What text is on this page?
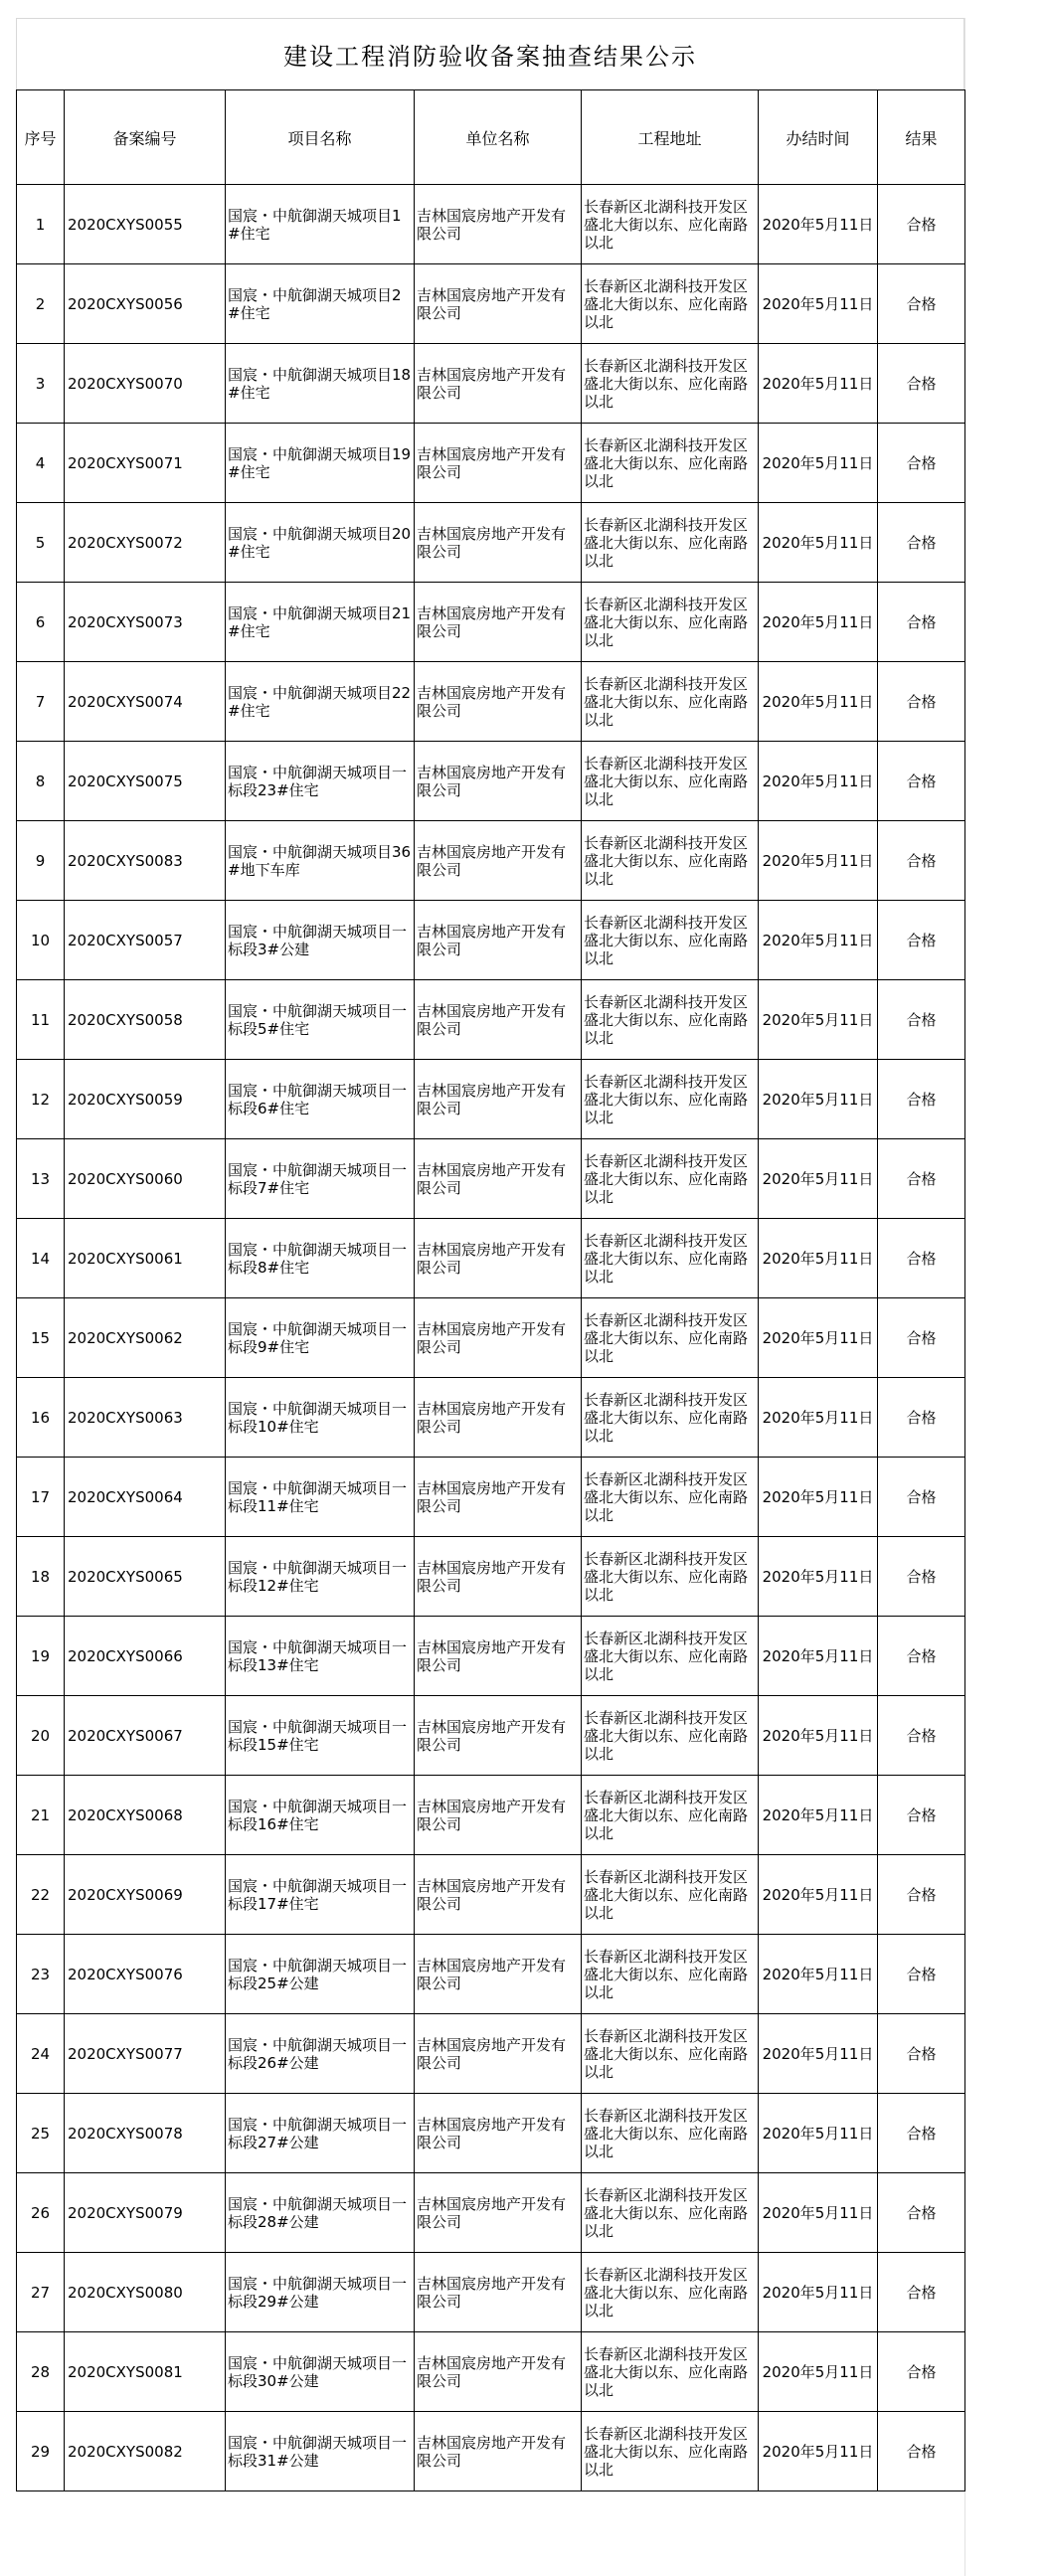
建设工程消防验收备案抽查结果公示
序号	备案编号	项目名称	单位名称	工程地址	办结时间	结果
1	2020CXYS0055	国宸・中航御湖天城项目1#住宅	吉林国宸房地产开发有限公司	长春新区北湖科技开发区盛北大街以东、应化南路以北	2020年5月11日	合格
2	2020CXYS0056	国宸・中航御湖天城项目2#住宅	吉林国宸房地产开发有限公司	长春新区北湖科技开发区盛北大街以东、应化南路以北	2020年5月11日	合格
3	2020CXYS0070	国宸・中航御湖天城项目18#住宅	吉林国宸房地产开发有限公司	长春新区北湖科技开发区盛北大街以东、应化南路以北	2020年5月11日	合格
4	2020CXYS0071	国宸・中航御湖天城项目19#住宅	吉林国宸房地产开发有限公司	长春新区北湖科技开发区盛北大街以东、应化南路以北	2020年5月11日	合格
5	2020CXYS0072	国宸・中航御湖天城项目20#住宅	吉林国宸房地产开发有限公司	长春新区北湖科技开发区盛北大街以东、应化南路以北	2020年5月11日	合格
6	2020CXYS0073	国宸・中航御湖天城项目21#住宅	吉林国宸房地产开发有限公司	长春新区北湖科技开发区盛北大街以东、应化南路以北	2020年5月11日	合格
7	2020CXYS0074	国宸・中航御湖天城项目22#住宅	吉林国宸房地产开发有限公司	长春新区北湖科技开发区盛北大街以东、应化南路以北	2020年5月11日	合格
8	2020CXYS0075	国宸・中航御湖天城项目一标段23#住宅	吉林国宸房地产开发有限公司	长春新区北湖科技开发区盛北大街以东、应化南路以北	2020年5月11日	合格
9	2020CXYS0083	国宸・中航御湖天城项目36#地下车库	吉林国宸房地产开发有限公司	长春新区北湖科技开发区盛北大街以东、应化南路以北	2020年5月11日	合格
10	2020CXYS0057	国宸・中航御湖天城项目一标段3#公建	吉林国宸房地产开发有限公司	长春新区北湖科技开发区盛北大街以东、应化南路以北	2020年5月11日	合格
11	2020CXYS0058	国宸・中航御湖天城项目一标段5#住宅	吉林国宸房地产开发有限公司	长春新区北湖科技开发区盛北大街以东、应化南路以北	2020年5月11日	合格
12	2020CXYS0059	国宸・中航御湖天城项目一标段6#住宅	吉林国宸房地产开发有限公司	长春新区北湖科技开发区盛北大街以东、应化南路以北	2020年5月11日	合格
13	2020CXYS0060	国宸・中航御湖天城项目一标段7#住宅	吉林国宸房地产开发有限公司	长春新区北湖科技开发区盛北大街以东、应化南路以北	2020年5月11日	合格
14	2020CXYS0061	国宸・中航御湖天城项目一标段8#住宅	吉林国宸房地产开发有限公司	长春新区北湖科技开发区盛北大街以东、应化南路以北	2020年5月11日	合格
15	2020CXYS0062	国宸・中航御湖天城项目一标段9#住宅	吉林国宸房地产开发有限公司	长春新区北湖科技开发区盛北大街以东、应化南路以北	2020年5月11日	合格
16	2020CXYS0063	国宸・中航御湖天城项目一标段10#住宅	吉林国宸房地产开发有限公司	长春新区北湖科技开发区盛北大街以东、应化南路以北	2020年5月11日	合格
17	2020CXYS0064	国宸・中航御湖天城项目一标段11#住宅	吉林国宸房地产开发有限公司	长春新区北湖科技开发区盛北大街以东、应化南路以北	2020年5月11日	合格
18	2020CXYS0065	国宸・中航御湖天城项目一标段12#住宅	吉林国宸房地产开发有限公司	长春新区北湖科技开发区盛北大街以东、应化南路以北	2020年5月11日	合格
19	2020CXYS0066	国宸・中航御湖天城项目一标段13#住宅	吉林国宸房地产开发有限公司	长春新区北湖科技开发区盛北大街以东、应化南路以北	2020年5月11日	合格
20	2020CXYS0067	国宸・中航御湖天城项目一标段15#住宅	吉林国宸房地产开发有限公司	长春新区北湖科技开发区盛北大街以东、应化南路以北	2020年5月11日	合格
21	2020CXYS0068	国宸・中航御湖天城项目一标段16#住宅	吉林国宸房地产开发有限公司	长春新区北湖科技开发区盛北大街以东、应化南路以北	2020年5月11日	合格
22	2020CXYS0069	国宸・中航御湖天城项目一标段17#住宅	吉林国宸房地产开发有限公司	长春新区北湖科技开发区盛北大街以东、应化南路以北	2020年5月11日	合格
23	2020CXYS0076	国宸・中航御湖天城项目一标段25#公建	吉林国宸房地产开发有限公司	长春新区北湖科技开发区盛北大街以东、应化南路以北	2020年5月11日	合格
24	2020CXYS0077	国宸・中航御湖天城项目一标段26#公建	吉林国宸房地产开发有限公司	长春新区北湖科技开发区盛北大街以东、应化南路以北	2020年5月11日	合格
25	2020CXYS0078	国宸・中航御湖天城项目一标段27#公建	吉林国宸房地产开发有限公司	长春新区北湖科技开发区盛北大街以东、应化南路以北	2020年5月11日	合格
26	2020CXYS0079	国宸・中航御湖天城项目一标段28#公建	吉林国宸房地产开发有限公司	长春新区北湖科技开发区盛北大街以东、应化南路以北	2020年5月11日	合格
27	2020CXYS0080	国宸・中航御湖天城项目一标段29#公建	吉林国宸房地产开发有限公司	长春新区北湖科技开发区盛北大街以东、应化南路以北	2020年5月11日	合格
28	2020CXYS0081	国宸・中航御湖天城项目一标段30#公建	吉林国宸房地产开发有限公司	长春新区北湖科技开发区盛北大街以东、应化南路以北	2020年5月11日	合格
29	2020CXYS0082	国宸・中航御湖天城项目一标段31#公建	吉林国宸房地产开发有限公司	长春新区北湖科技开发区盛北大街以东、应化南路以北	2020年5月11日	合格
